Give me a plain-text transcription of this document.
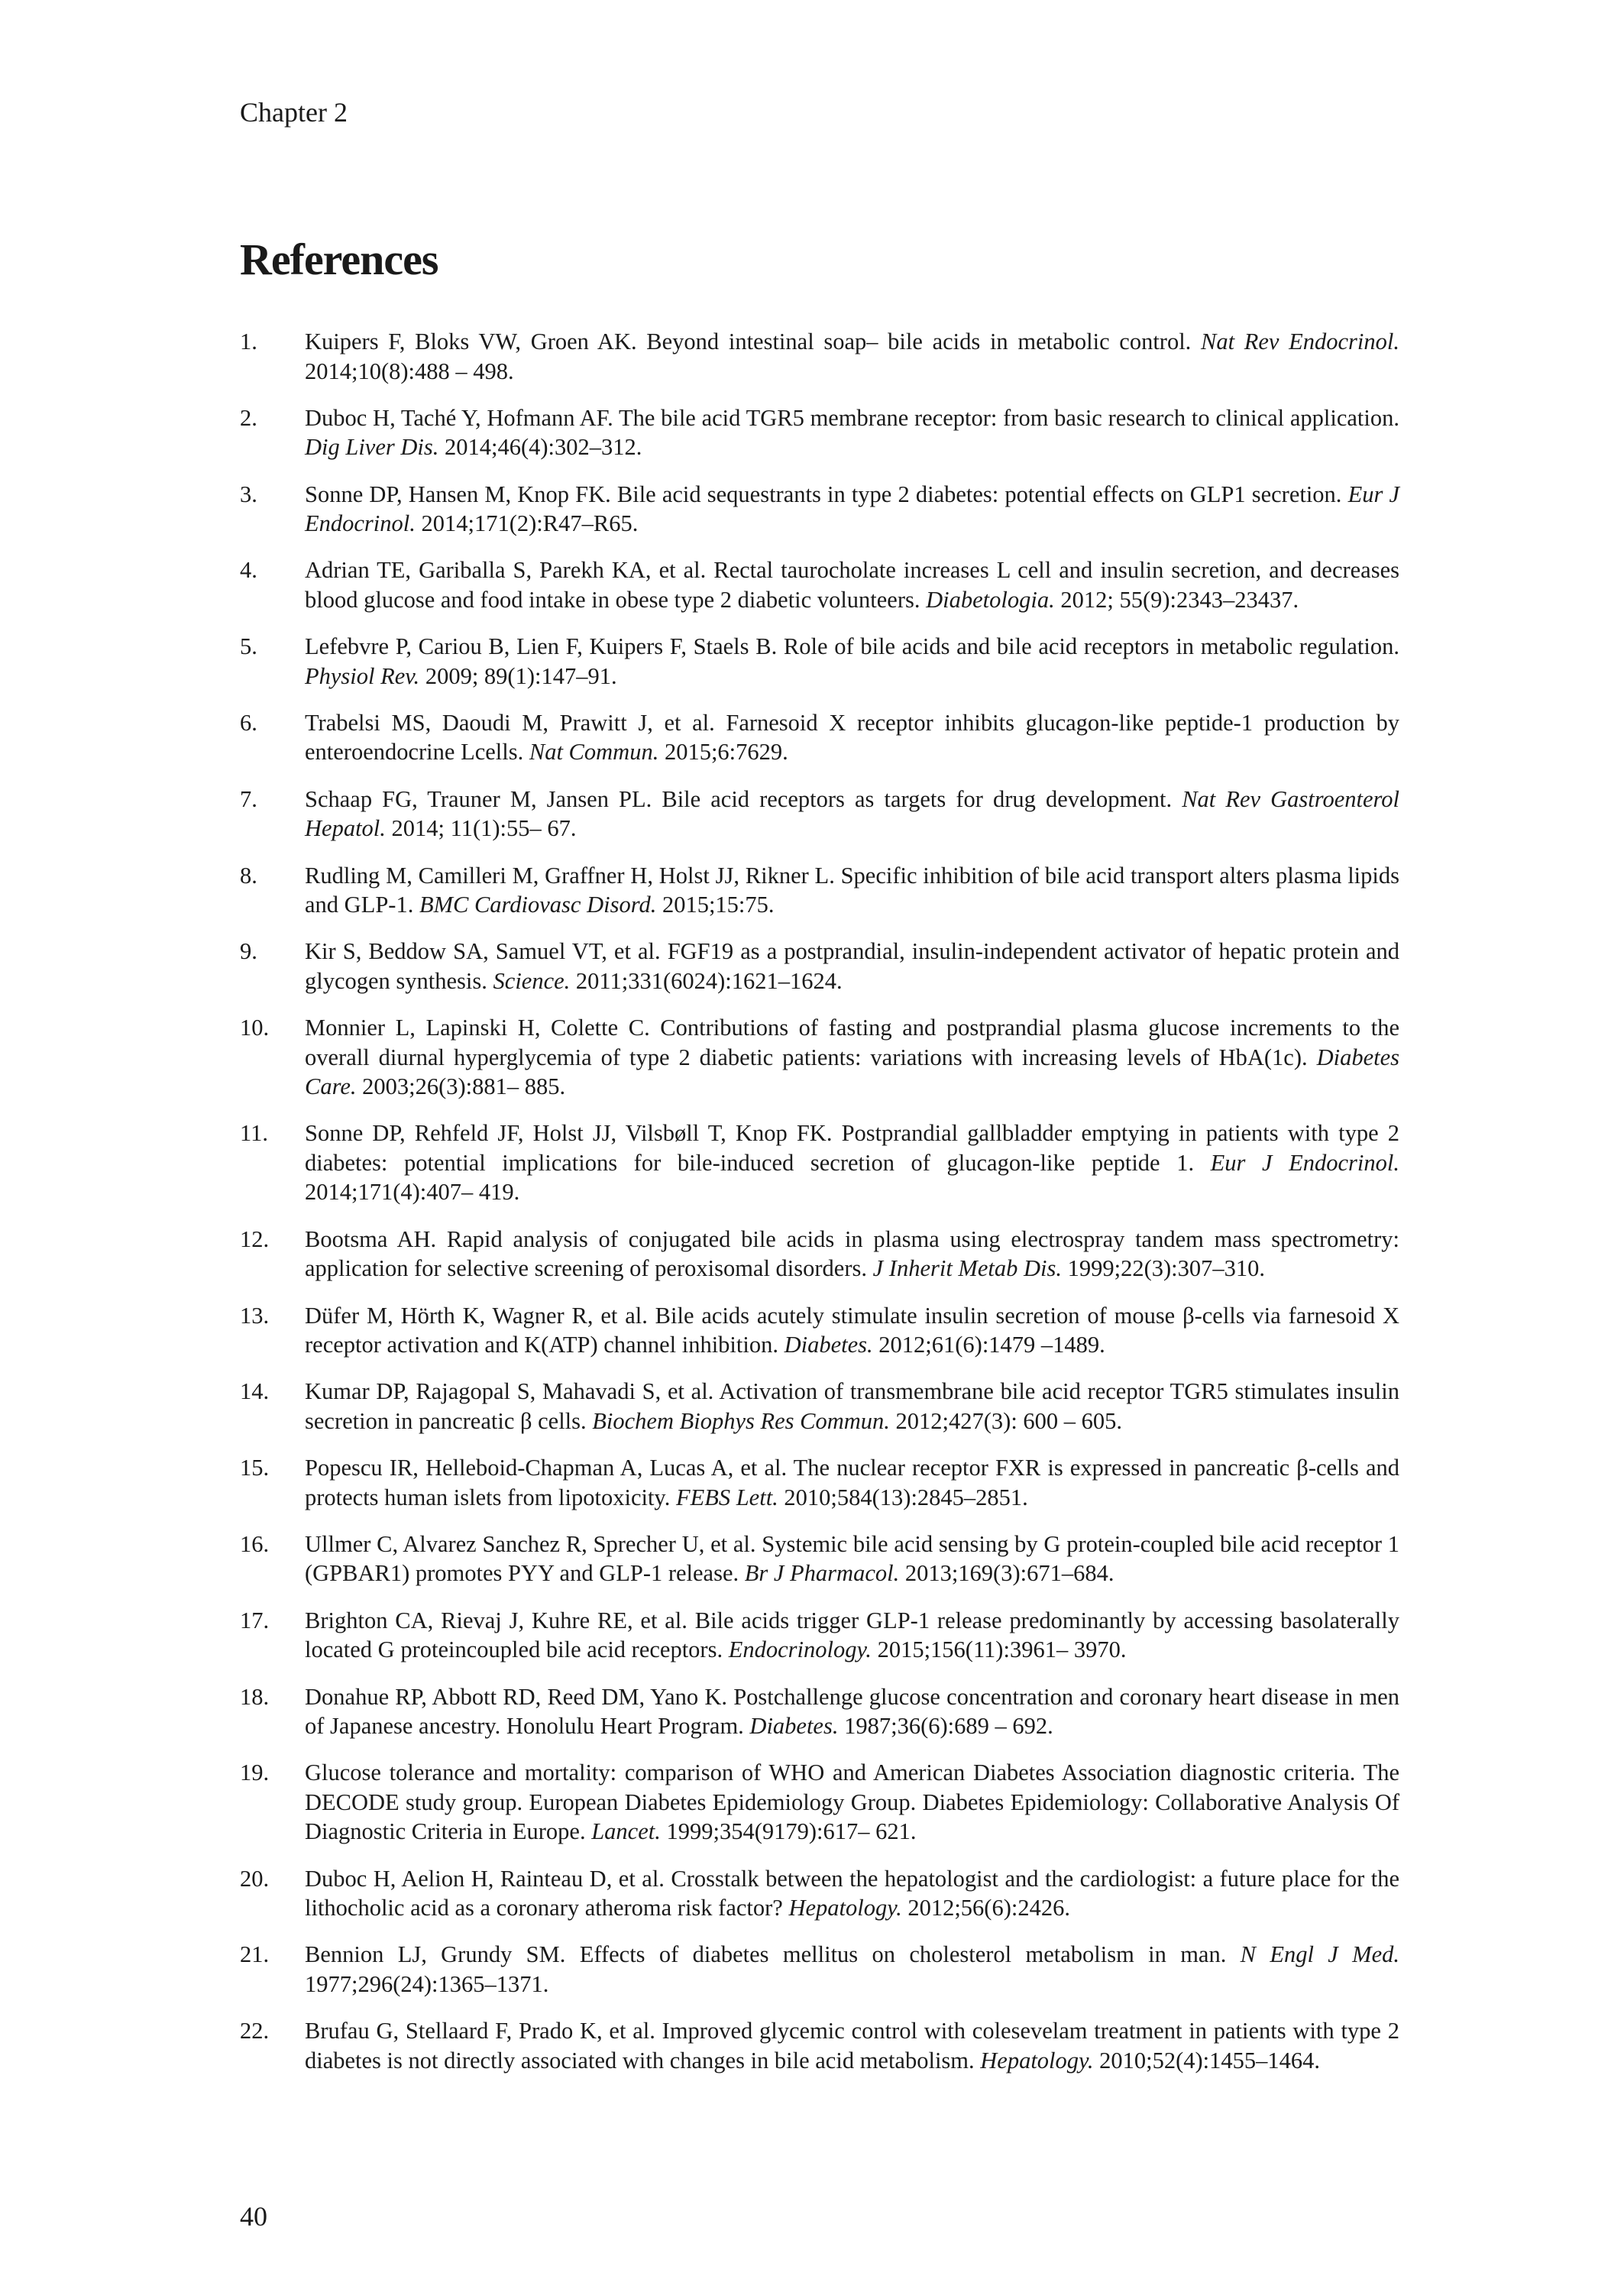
Chapter 2
References
1.	Kuipers F, Bloks VW, Groen AK. Beyond intestinal soap– bile acids in metabolic control. Nat Rev Endocrinol. 2014;10(8):488 – 498.
2.	Duboc H, Taché Y, Hofmann AF. The bile acid TGR5 membrane receptor: from basic research to clinical application. Dig Liver Dis. 2014;46(4):302–312.
3.	Sonne DP, Hansen M, Knop FK. Bile acid sequestrants in type 2 diabetes: potential effects on GLP1 secretion. Eur J Endocrinol. 2014;171(2):R47–R65.
4.	Adrian TE, Gariballa S, Parekh KA, et al. Rectal taurocholate increases L cell and insulin secretion, and decreases blood glucose and food intake in obese type 2 diabetic volunteers. Diabetologia. 2012; 55(9):2343–23437.
5.	Lefebvre P, Cariou B, Lien F, Kuipers F, Staels B. Role of bile acids and bile acid receptors in metabolic regulation. Physiol Rev. 2009; 89(1):147–91.
6.	Trabelsi MS, Daoudi M, Prawitt J, et al. Farnesoid X receptor inhibits glucagon-like peptide-1 production by enteroendocrine Lcells. Nat Commun. 2015;6:7629.
7.	Schaap FG, Trauner M, Jansen PL. Bile acid receptors as targets for drug development. Nat Rev Gastroenterol Hepatol. 2014; 11(1):55– 67.
8.	Rudling M, Camilleri M, Graffner H, Holst JJ, Rikner L. Specific inhibition of bile acid transport alters plasma lipids and GLP-1. BMC Cardiovasc Disord. 2015;15:75.
9.	Kir S, Beddow SA, Samuel VT, et al. FGF19 as a postprandial, insulin-independent activator of hepatic protein and glycogen synthesis. Science. 2011;331(6024):1621–1624.
10.	Monnier L, Lapinski H, Colette C. Contributions of fasting and postprandial plasma glucose increments to the overall diurnal hyperglycemia of type 2 diabetic patients: variations with increasing levels of HbA(1c). Diabetes Care. 2003;26(3):881– 885.
11.	Sonne DP, Rehfeld JF, Holst JJ, Vilsbøll T, Knop FK. Postprandial gallbladder emptying in patients with type 2 diabetes: potential implications for bile-induced secretion of glucagon-like peptide 1. Eur J Endocrinol. 2014;171(4):407– 419.
12.	Bootsma AH. Rapid analysis of conjugated bile acids in plasma using electrospray tandem mass spectrometry: application for selective screening of peroxisomal disorders. J Inherit Metab Dis. 1999;22(3):307–310.
13.	Düfer M, Hörth K, Wagner R, et al. Bile acids acutely stimulate insulin secretion of mouse β-cells via farnesoid X receptor activation and K(ATP) channel inhibition. Diabetes. 2012;61(6):1479 –1489.
14.	Kumar DP, Rajagopal S, Mahavadi S, et al. Activation of transmembrane bile acid receptor TGR5 stimulates insulin secretion in pancreatic β cells. Biochem Biophys Res Commun. 2012;427(3): 600 – 605.
15.	Popescu IR, Helleboid-Chapman A, Lucas A, et al. The nuclear receptor FXR is expressed in pancreatic β-cells and protects human islets from lipotoxicity. FEBS Lett. 2010;584(13):2845–2851.
16.	Ullmer C, Alvarez Sanchez R, Sprecher U, et al. Systemic bile acid sensing by G protein-coupled bile acid receptor 1 (GPBAR1) promotes PYY and GLP-1 release. Br J Pharmacol. 2013;169(3):671–684.
17.	Brighton CA, Rievaj J, Kuhre RE, et al. Bile acids trigger GLP-1 release predominantly by accessing basolaterally located G proteincoupled bile acid receptors. Endocrinology. 2015;156(11):3961– 3970.
18.	Donahue RP, Abbott RD, Reed DM, Yano K. Postchallenge glucose concentration and coronary heart disease in men of Japanese ancestry. Honolulu Heart Program. Diabetes. 1987;36(6):689 – 692.
19.	Glucose tolerance and mortality: comparison of WHO and American Diabetes Association diagnostic criteria. The DECODE study group. European Diabetes Epidemiology Group. Diabetes Epidemiology: Collaborative Analysis Of Diagnostic Criteria in Europe. Lancet. 1999;354(9179):617– 621.
20.	Duboc H, Aelion H, Rainteau D, et al. Crosstalk between the hepatologist and the cardiologist: a future place for the lithocholic acid as a coronary atheroma risk factor? Hepatology. 2012;56(6):2426.
21.	Bennion LJ, Grundy SM. Effects of diabetes mellitus on cholesterol metabolism in man. N Engl J Med. 1977;296(24):1365–1371.
22.	Brufau G, Stellaard F, Prado K, et al. Improved glycemic control with colesevelam treatment in patients with type 2 diabetes is not directly associated with changes in bile acid metabolism. Hepatology. 2010;52(4):1455–1464.
40
